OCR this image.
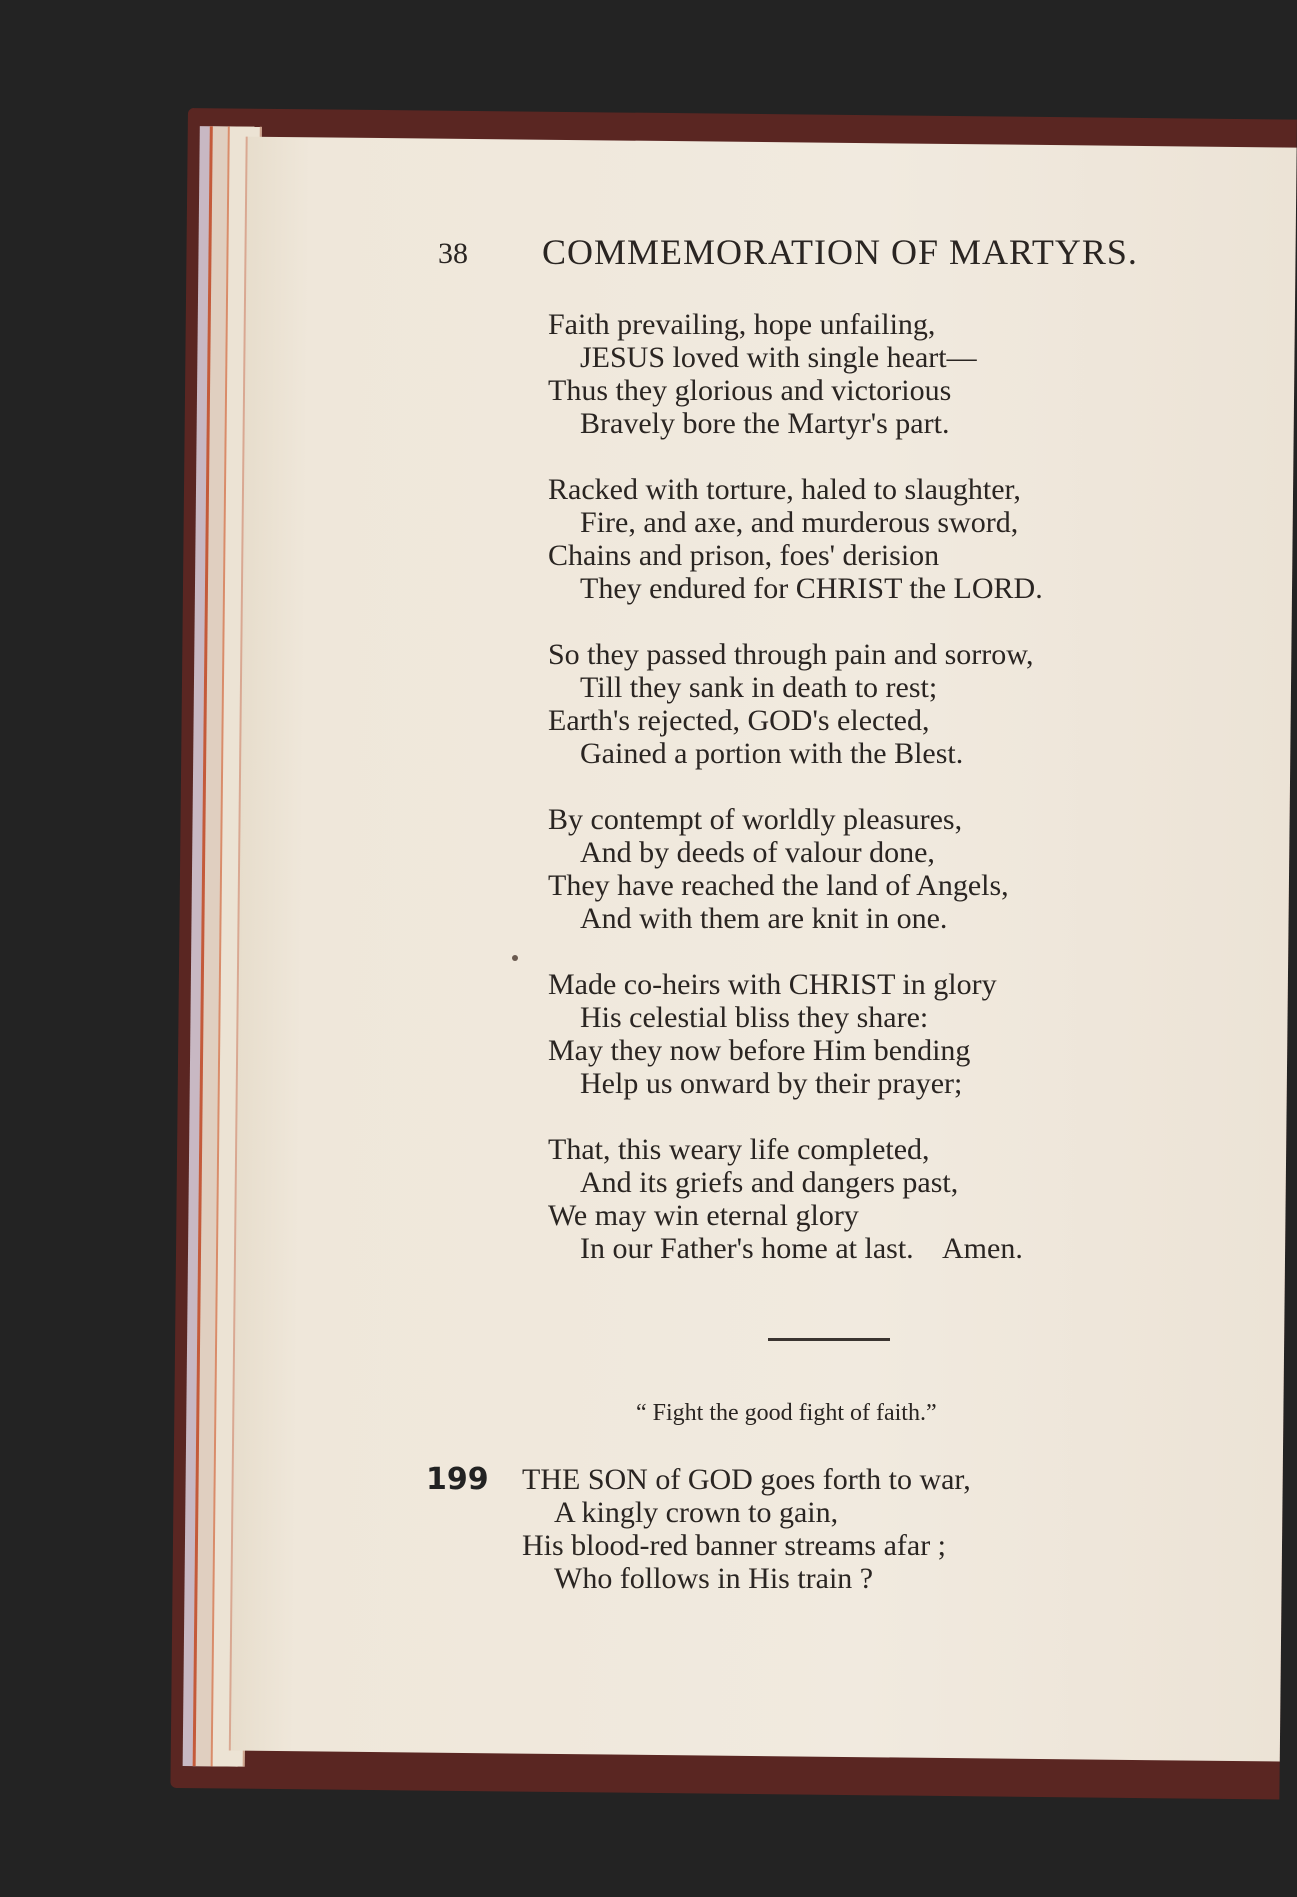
38 COMMEMORATION OF MARTYRS.
Faith prevailing, hope unfailing,
JESUS loved with single heart—
Thus they glorious and victorious
Bravely bore the Martyr's part.
Racked with torture, haled to slaughter,
Fire, and axe, and murderous sword,
Chains and prison, foes' derision
They endured for CHRIST the LORD.
So they passed through pain and sorrow,
Till they sank in death to rest;
Earth's rejected, GOD's elected,
Gained a portion with the Blest.
By contempt of worldly pleasures,
And by deeds of valour done,
They have reached the land of Angels,
And with them are knit in one.
Made co-heirs with CHRIST in glory
His celestial bliss they share:
May they now before Him bending
Help us onward by their prayer;
That, this weary life completed,
And its griefs and dangers past,
We may win eternal glory
In our Father's home at last.    Amen.
“ Fight the good fight of faith.”
199 THE SON of GOD goes forth to war,
A kingly crown to gain,
His blood-red banner streams afar ;
Who follows in His train ?
